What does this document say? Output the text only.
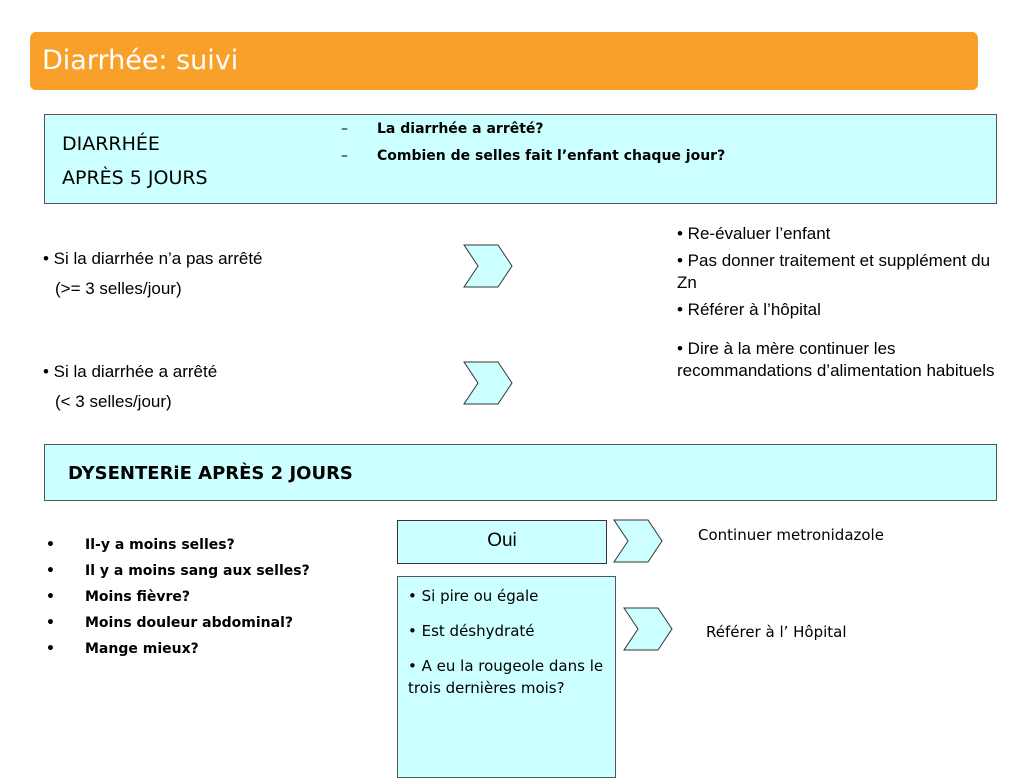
Diarrhée: suivi
DIARRHÉE
APRÈS 5 JOURS
– La diarrhée a arrêté?
– Combien de selles fait l’enfant chaque jour?
• Si la diarrhée n’a pas arrêté
(>= 3 selles/jour)
• Re-évaluer l’enfant
• Pas donner traitement et supplément du Zn
• Référer à l’hôpital
• Si la diarrhée a arrêté
(< 3 selles/jour)
• Dire à la mère continuer les recommandations d’alimentation habituels
DYSENTERiE APRÈS 2 JOURS
• Il-y a moins selles?
• Il y a moins sang aux selles?
• Moins fièvre?
• Moins douleur abdominal?
• Mange mieux?
Oui	Continuer metronidazole
• Si pire ou égale
• Est déshydraté
• A eu la rougeole dans le trois dernières mois?
Référer à l’ Hôpital
